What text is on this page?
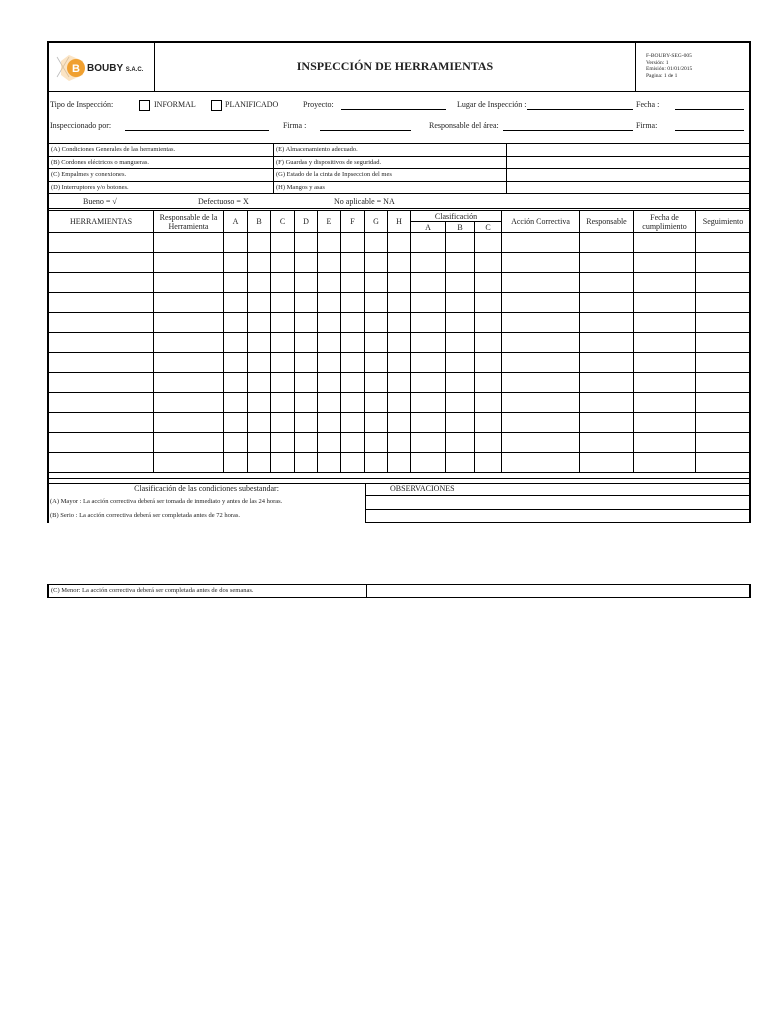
B BOUBY S.A.C.	INSPECCIÓN DE HERRAMIENTAS
F-BOUBY-SEG-005
Versión: 1
Emisión: 01/01/2015
Pagina: 1 de 1
Tipo de Inspección:	INFORMAL	PLANIFICADO	Proyecto:	Lugar de Inspección :	Fecha :
Inspeccionado por:	Firma :	Responsable del área:	Firma:
(A) Condiciones Generales de las herramientas.	(E) Almacenamiento adecuado.	
(B) Cordones eléctricos o mangueras.	(F) Guardas y dispositivos de seguridad.	
(C) Empalmes y conexiones.	(G) Estado de la cinta de Inpseccion del mes	
(D) Interruptores y/o botones.	(H) Mangos y asas	
Bueno = √	Defectuoso = X	No aplicable = NA
HERRAMIENTAS	Responsable de la Herramienta	A	B	C	D	E	F	G	H	Clasificación			Acción Correctiva	Responsable	Fecha de cumplimiento	Seguimiento
										A	B	C				

Clasificación de las condiciones subestandar:	OBSERVACIONES
(A) Mayor : La acción correctiva deberá ser tomada de inmediato y antes de las 24 horas.
(B) Serio : La acción correctiva deberá ser completada antes de 72 horas.
(C) Menor: La acción correctiva deberá ser completada antes de dos semanas.
